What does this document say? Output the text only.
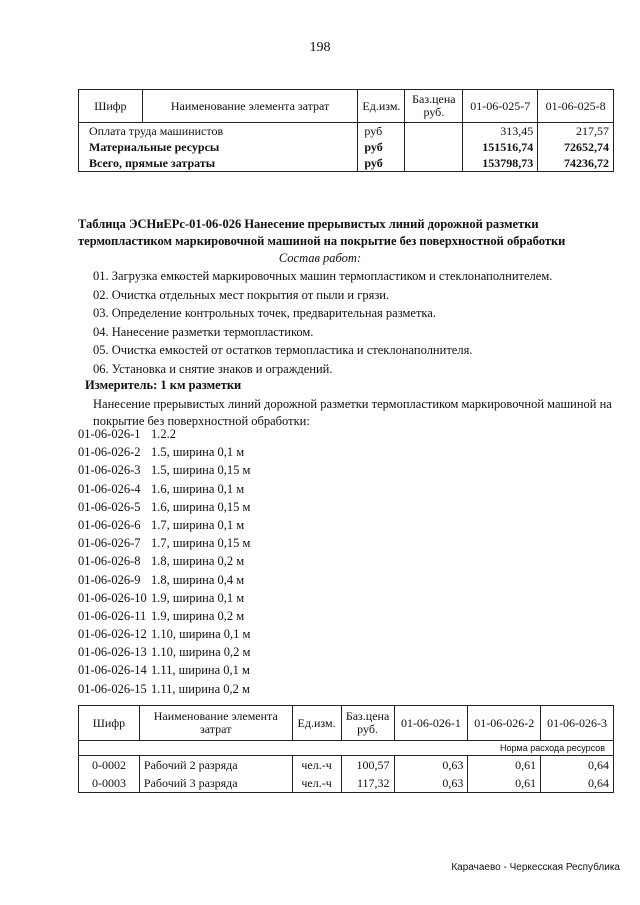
198
Шифр	Наименование элемента затрат	Ед.изм.	Баз.цена руб.	01-06-025-7	01-06-025-8
Оплата труда машинистов		руб		313,45	217,57
Материальные ресурсы		руб		151516,74	72652,74
Всего, прямые затраты		руб		153798,73	74236,72
Таблица ЭСНиЕРс-01-06-026 Нанесение прерывистых линий дорожной разметки термопластиком маркировочной машиной на покрытие без поверхностной обработки
Состав работ:
01. Загрузка емкостей маркировочных машин термопластиком и стеклонаполнителем.
02. Очистка отдельных мест покрытия от пыли и грязи.
03. Определение контрольных точек, предварительная разметка.
04. Нанесение разметки термопластиком.
05. Очистка емкостей от остатков термопластика и стеклонаполнителя.
06. Установка и снятие знаков и ограждений.
Измеритель: 1 км разметки
Нанесение прерывистых линий дорожной разметки термопластиком маркировочной машиной на покрытие без поверхностной обработки:
01-06-026-1 1.2.2
01-06-026-2 1.5, ширина 0,1 м
01-06-026-3 1.5, ширина 0,15 м
01-06-026-4 1.6, ширина 0,1 м
01-06-026-5 1.6, ширина 0,15 м
01-06-026-6 1.7, ширина 0,1 м
01-06-026-7 1.7, ширина 0,15 м
01-06-026-8 1.8, ширина 0,2 м
01-06-026-9 1.8, ширина 0,4 м
01-06-026-10 1.9, ширина 0,1 м
01-06-026-11 1.9, ширина 0,2 м
01-06-026-12 1.10, ширина 0,1 м
01-06-026-13 1.10, ширина 0,2 м
01-06-026-14 1.11, ширина 0,1 м
01-06-026-15 1.11, ширина 0,2 м
Шифр	Наименование элемента затрат	Ед.изм.	Баз.цена руб.	01-06-026-1	01-06-026-2	01-06-026-3
Норма расхода ресурсов						
0-0002	Рабочий 2 разряда	чел.-ч	100,57	0,63	0,61	0,64
0-0003	Рабочий 3 разряда	чел.-ч	117,32	0,63	0,61	0,64
Карачаево - Черкесская Республика
